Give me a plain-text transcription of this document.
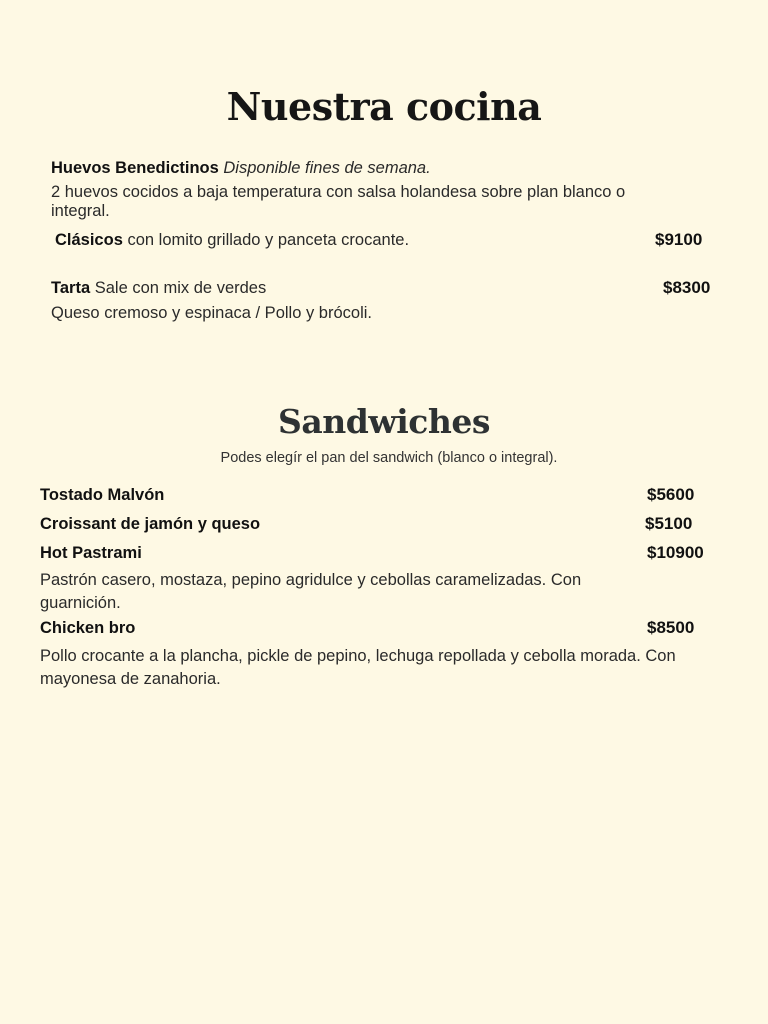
Nuestra cocina
Huevos Benedictinos Disponible fines de semana.
2 huevos cocidos a baja temperatura con salsa holandesa sobre plan blanco o integral.
Clásicos con lomito grillado y panceta crocante.	$9100
Tarta Sale con mix de verdes	$8300
Queso cremoso y espinaca / Pollo y brócoli.
Sandwiches
Podes elegír el pan del sandwich (blanco o integral).
Tostado Malvón	$5600
Croissant de jamón y queso	$5100
Hot Pastrami	$10900
Pastrón casero, mostaza, pepino agridulce y cebollas caramelizadas. Con guarnición.
Chicken bro	$8500
Pollo crocante a la plancha, pickle de pepino, lechuga repollada y cebolla morada. Con mayonesa de zanahoria.
